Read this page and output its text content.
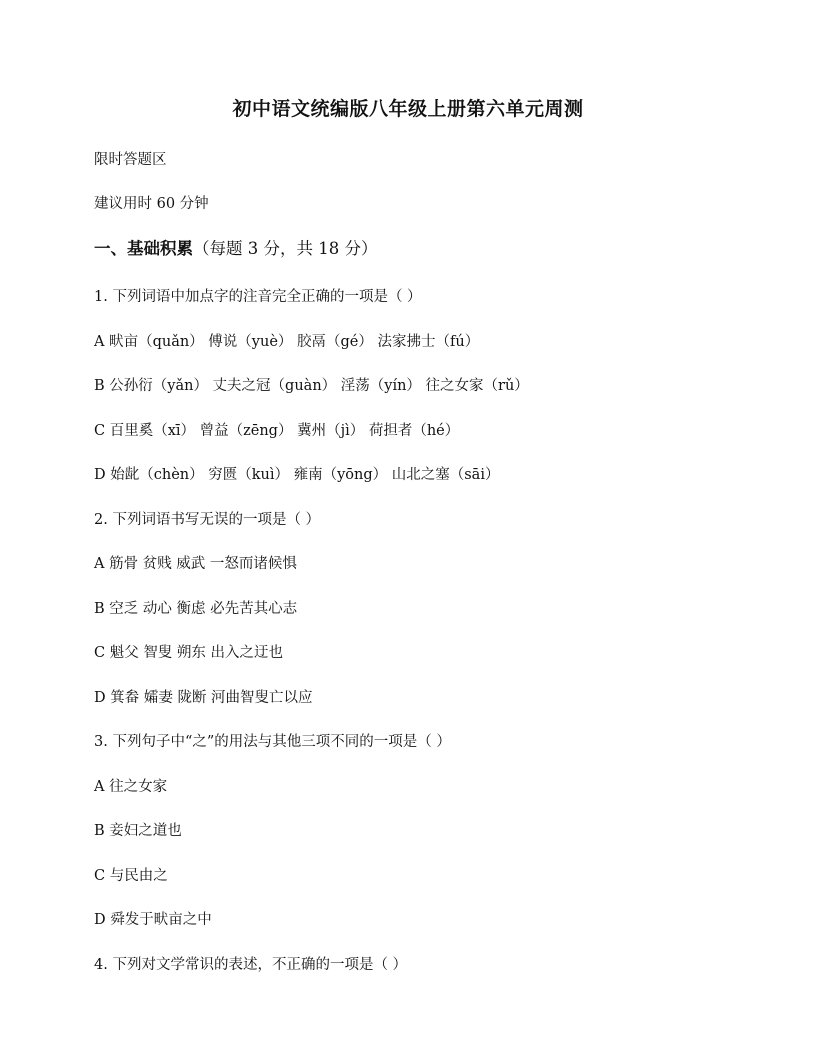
初中语文统编版八年级上册第六单元周测
限时答题区
建议用时 60 分钟
一、基础积累（每题 3 分，共 18 分）
1. 下列词语中加点字的注音完全正确的一项是（ ）
A 畎亩（quǎn） 傅说（yuè） 胶鬲（gé） 法家拂士（fú）
B 公孙衍（yǎn） 丈夫之冠（guàn） 淫荡（yín） 往之女家（rǔ）
C 百里奚（xī） 曾益（zēng） 冀州（jì） 荷担者（hé）
D 始龀（chèn） 穷匮（kuì） 雍南（yōng） 山北之塞（sāi）
2. 下列词语书写无误的一项是（ ）
A 筋骨 贫贱 威武 一怒而诸候惧
B 空乏 动心 衡虑 必先苦其心志
C 魁父 智叟 朔东 出入之迂也
D 箕畚 孀妻 陇断 河曲智叟亡以应
3. 下列句子中“之”的用法与其他三项不同的一项是（ ）
A 往之女家
B 妾妇之道也
C 与民由之
D 舜发于畎亩之中
4. 下列对文学常识的表述，不正确的一项是（ ）
